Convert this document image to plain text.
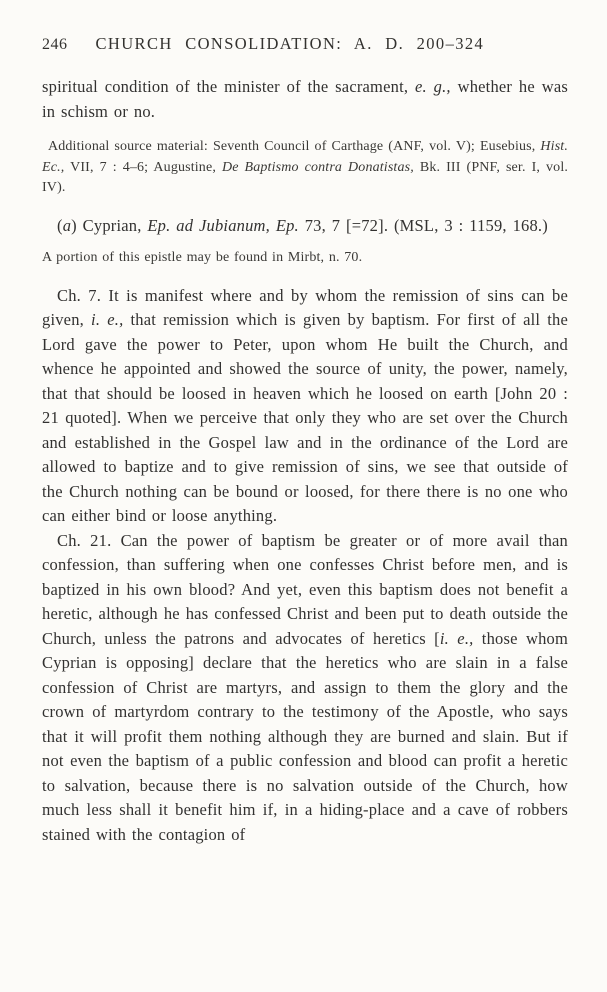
246 CHURCH CONSOLIDATION: A. D. 200–324

spiritual condition of the minister of the sacrament, e. g., whether he was in schism or no.

Additional source material: Seventh Council of Carthage (ANF, vol. V); Eusebius, Hist. Ec., VII, 7 : 4–6; Augustine, De Baptismo contra Donatistas, Bk. III (PNF, ser. I, vol. IV).

(a) Cyprian, Ep. ad Jubianum, Ep. 73, 7 [=72]. (MSL, 3 : 1159, 168.)

A portion of this epistle may be found in Mirbt, n. 70.

Ch. 7. It is manifest where and by whom the remission of sins can be given, i. e., that remission which is given by baptism. For first of all the Lord gave the power to Peter, upon whom He built the Church, and whence he appointed and showed the source of unity, the power, namely, that that should be loosed in heaven which he loosed on earth [John 20 : 21 quoted]. When we perceive that only they who are set over the Church and established in the Gospel law and in the ordinance of the Lord are allowed to baptize and to give remission of sins, we see that outside of the Church nothing can be bound or loosed, for there there is no one who can either bind or loose anything.

Ch. 21. Can the power of baptism be greater or of more avail than confession, than suffering when one confesses Christ before men, and is baptized in his own blood? And yet, even this baptism does not benefit a heretic, although he has confessed Christ and been put to death outside the Church, unless the patrons and advocates of heretics [i. e., those whom Cyprian is opposing] declare that the heretics who are slain in a false confession of Christ are martyrs, and assign to them the glory and the crown of martyrdom contrary to the testimony of the Apostle, who says that it will profit them nothing although they are burned and slain. But if not even the baptism of a public confession and blood can profit a heretic to salvation, because there is no salvation outside of the Church, how much less shall it benefit him if, in a hiding-place and a cave of robbers stained with the contagion of
